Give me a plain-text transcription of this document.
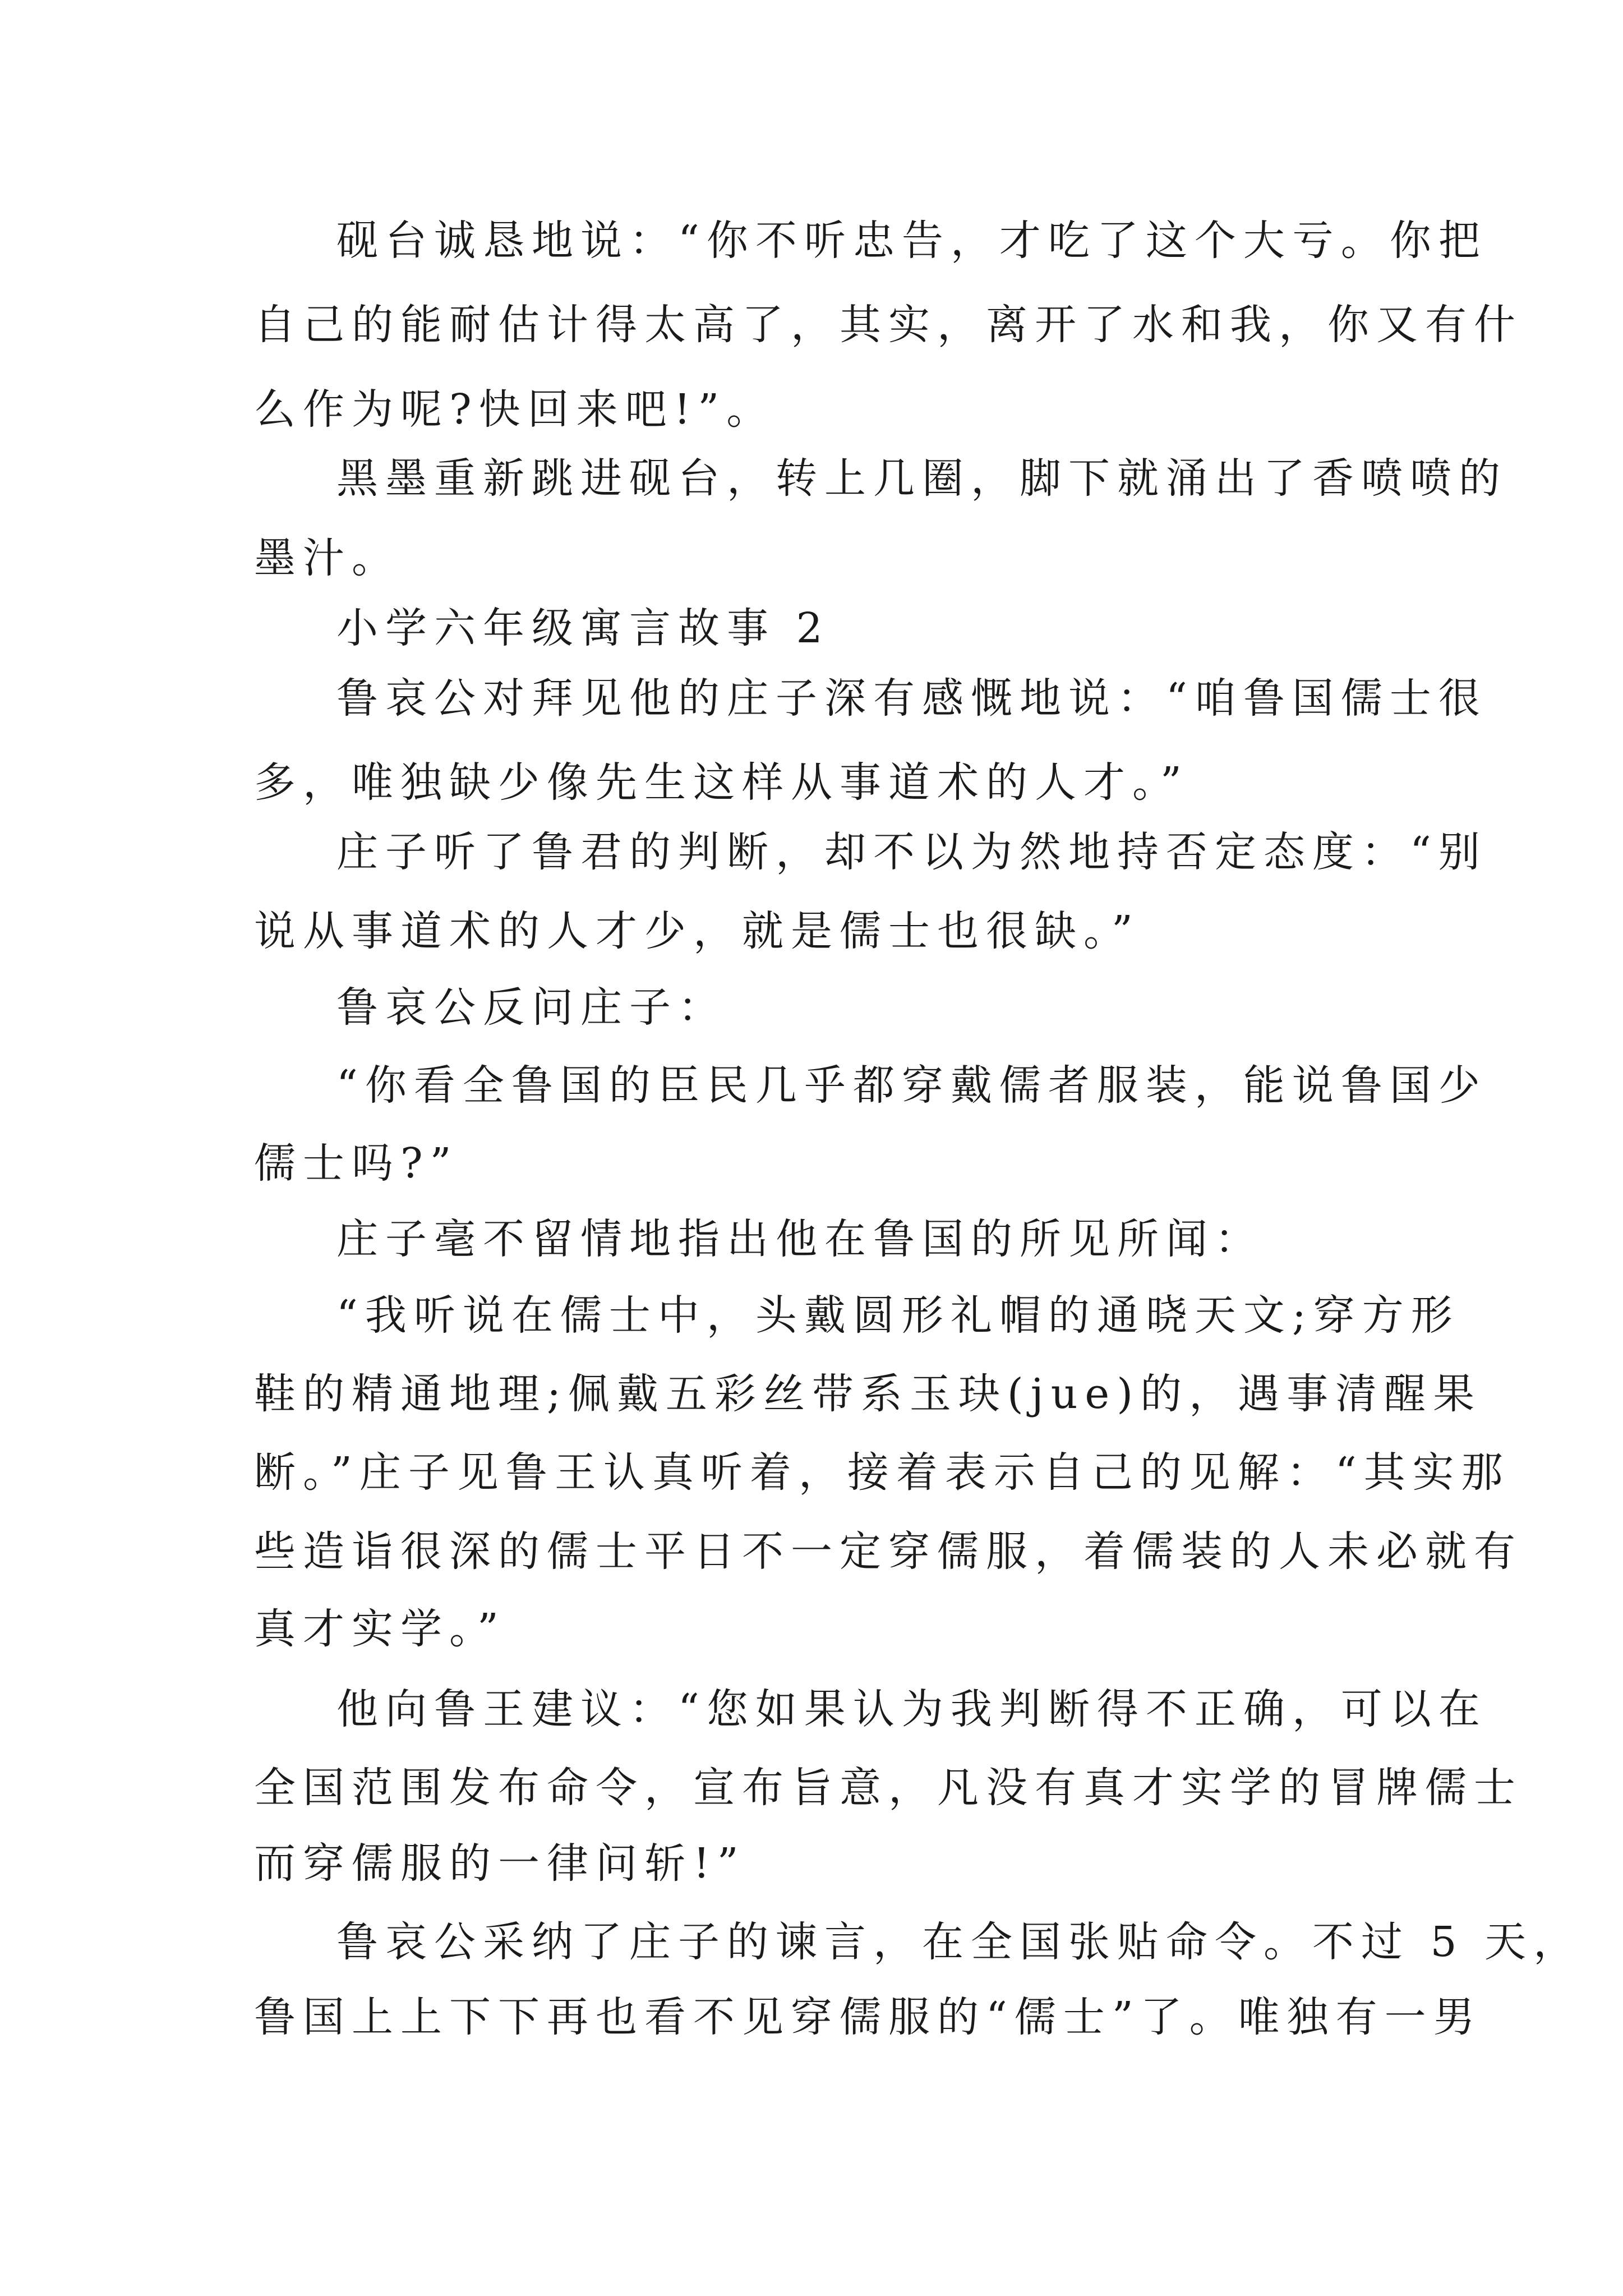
砚台诚恳地说：“你不听忠告，才吃了这个大亏。你把
自己的能耐估计得太高了，其实，离开了水和我，你又有什
么作为呢?快回来吧!”。
黑墨重新跳进砚台，转上几圈，脚下就涌出了香喷喷的
墨汁。
小学六年级寓言故事 2
鲁哀公对拜见他的庄子深有感慨地说：“咱鲁国儒士很
多，唯独缺少像先生这样从事道术的人才。”
庄子听了鲁君的判断，却不以为然地持否定态度：“别
说从事道术的人才少，就是儒士也很缺。”
鲁哀公反问庄子：
“你看全鲁国的臣民几乎都穿戴儒者服装，能说鲁国少
儒士吗?”
庄子毫不留情地指出他在鲁国的所见所闻：
“我听说在儒士中，头戴圆形礼帽的通晓天文;穿方形
鞋的精通地理;佩戴五彩丝带系玉玦(jue)的，遇事清醒果
断。”庄子见鲁王认真听着，接着表示自己的见解：“其实那
些造诣很深的儒士平日不一定穿儒服，着儒装的人未必就有
真才实学。”
他向鲁王建议：“您如果认为我判断得不正确，可以在
全国范围发布命令，宣布旨意，凡没有真才实学的冒牌儒士
而穿儒服的一律问斩!”
鲁哀公采纳了庄子的谏言，在全国张贴命令。不过 5 天，
鲁国上上下下再也看不见穿儒服的“儒士”了。唯独有一男
